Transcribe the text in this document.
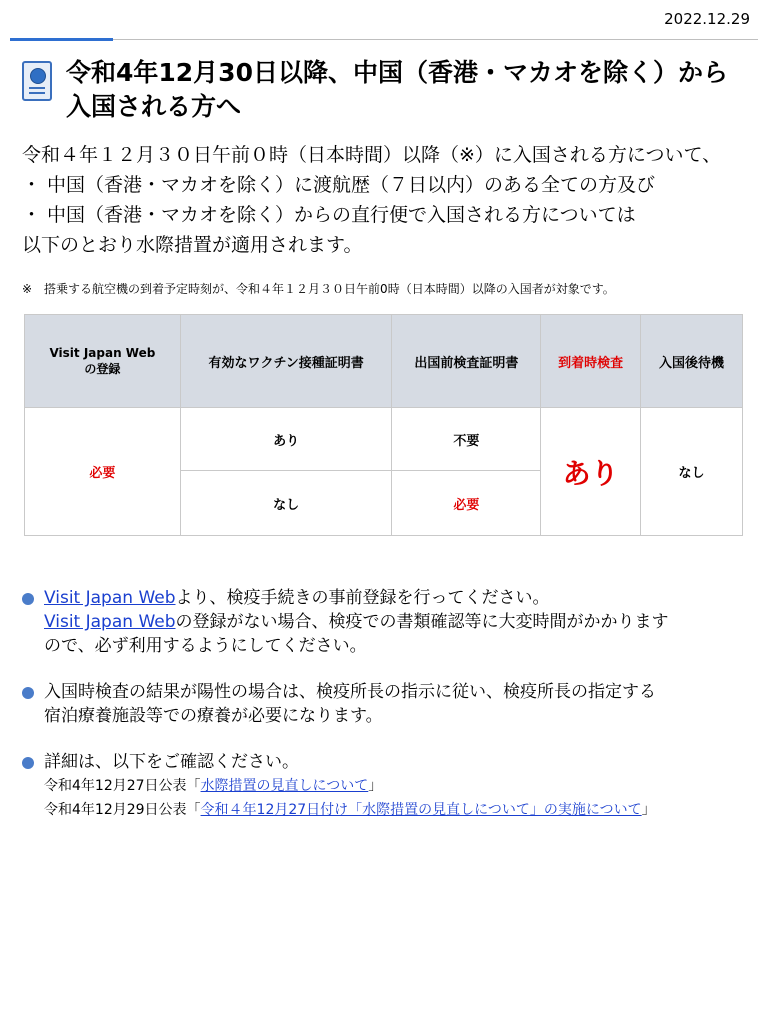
2022.12.29
令和4年12月30日以降、中国（香港・マカオを除く）から
入国される方へ
令和４年１２月３０日午前０時（日本時間）以降（※）に入国される方について、
・ 中国（香港・マカオを除く）に渡航歴（７日以内）のある全ての方及び
・ 中国（香港・マカオを除く）からの直行便で入国される方については
以下のとおり水際措置が適用されます。
※　搭乗する航空機の到着予定時刻が、令和４年１２月３０日午前0時（日本時間）以降の入国者が対象です。
Visit Japan Web
の登録	有効なワクチン接種証明書	出国前検査証明書	到着時検査	入国後待機
必要	あり	不要	あり	なし
	なし	必要		
Visit Japan Webより、検疫手続きの事前登録を行ってください。
Visit Japan Webの登録がない場合、検疫での書類確認等に大変時間がかかります
ので、必ず利用するようにしてください。
入国時検査の結果が陽性の場合は、検疫所長の指示に従い、検疫所長の指定する
宿泊療養施設等での療養が必要になります。
詳細は、以下をご確認ください。
令和4年12月27日公表「水際措置の見直しについて」
令和4年12月29日公表「令和４年12月27日付け「水際措置の見直しについて」の実施について」
